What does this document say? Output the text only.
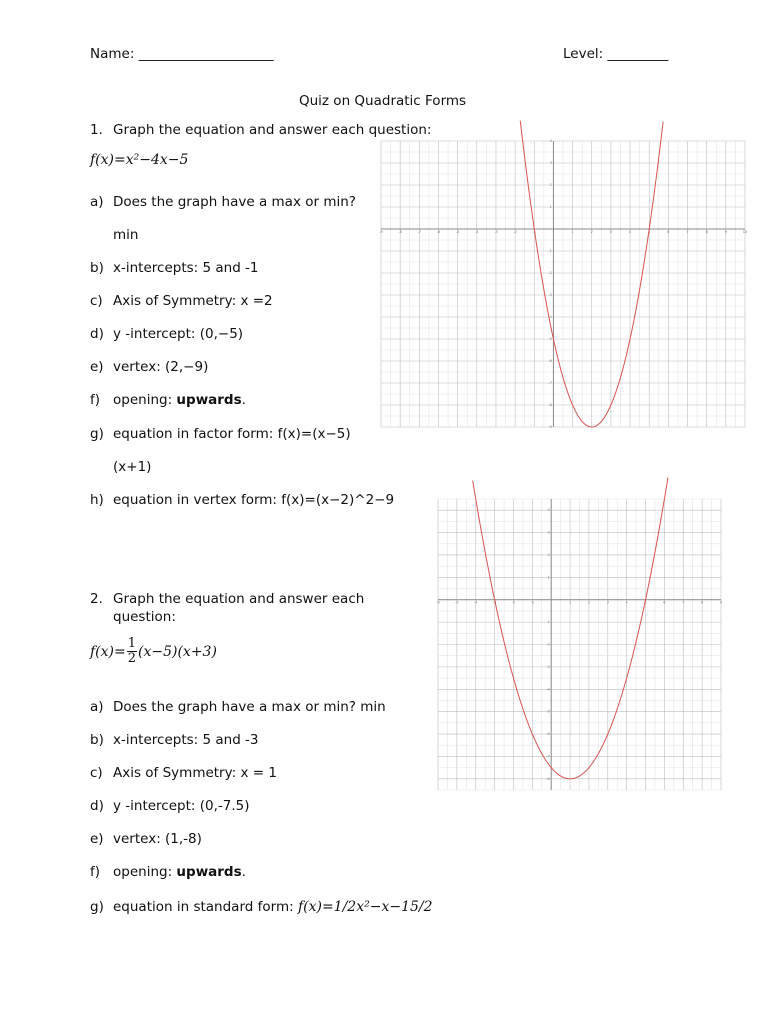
Name: ____________________	Level: _________
Quiz on Quadratic Forms
1. Graph the equation and answer each question:
f(x)=x²−4x−5
a) Does the graph have a max or min?
min
b) x-intercepts: 5 and -1
c) Axis of Symmetry: x =2
d) y -intercept: (0,−5)
e) vertex: (2,−9)
f) opening: upwards.
g) equation in factor form: f(x)=(x−5)
(x+1)
h) equation in vertex form: f(x)=(x−2)^2−9
-9	-8	-7	-6	-5	-4	-3	-2	-1	1	2	3	4	5	6	7	8	9	10
-9
-8
-7
-6
-5
-4
-3
-2
-1
1
2
3
4
2. Graph the equation and answer each
question:
$f(x)= \frac{1}{2} (x-5)(x+3)$
a) Does the graph have a max or min? min
b) x-intercepts: 5 and -3
c) Axis of Symmetry: x = 1
d) y -intercept: (0,-7.5)
e) vertex: (1,-8)
f) opening: upwards.
g) equation in standard form: f(x)=1/2x²−x−15/2
-6	-5	-4	-3	-2	-1	1	2	3	4	5	6	7	8	9
-8
-7
-6
-5
-4
-3
-2
-1
1
2
3
4
